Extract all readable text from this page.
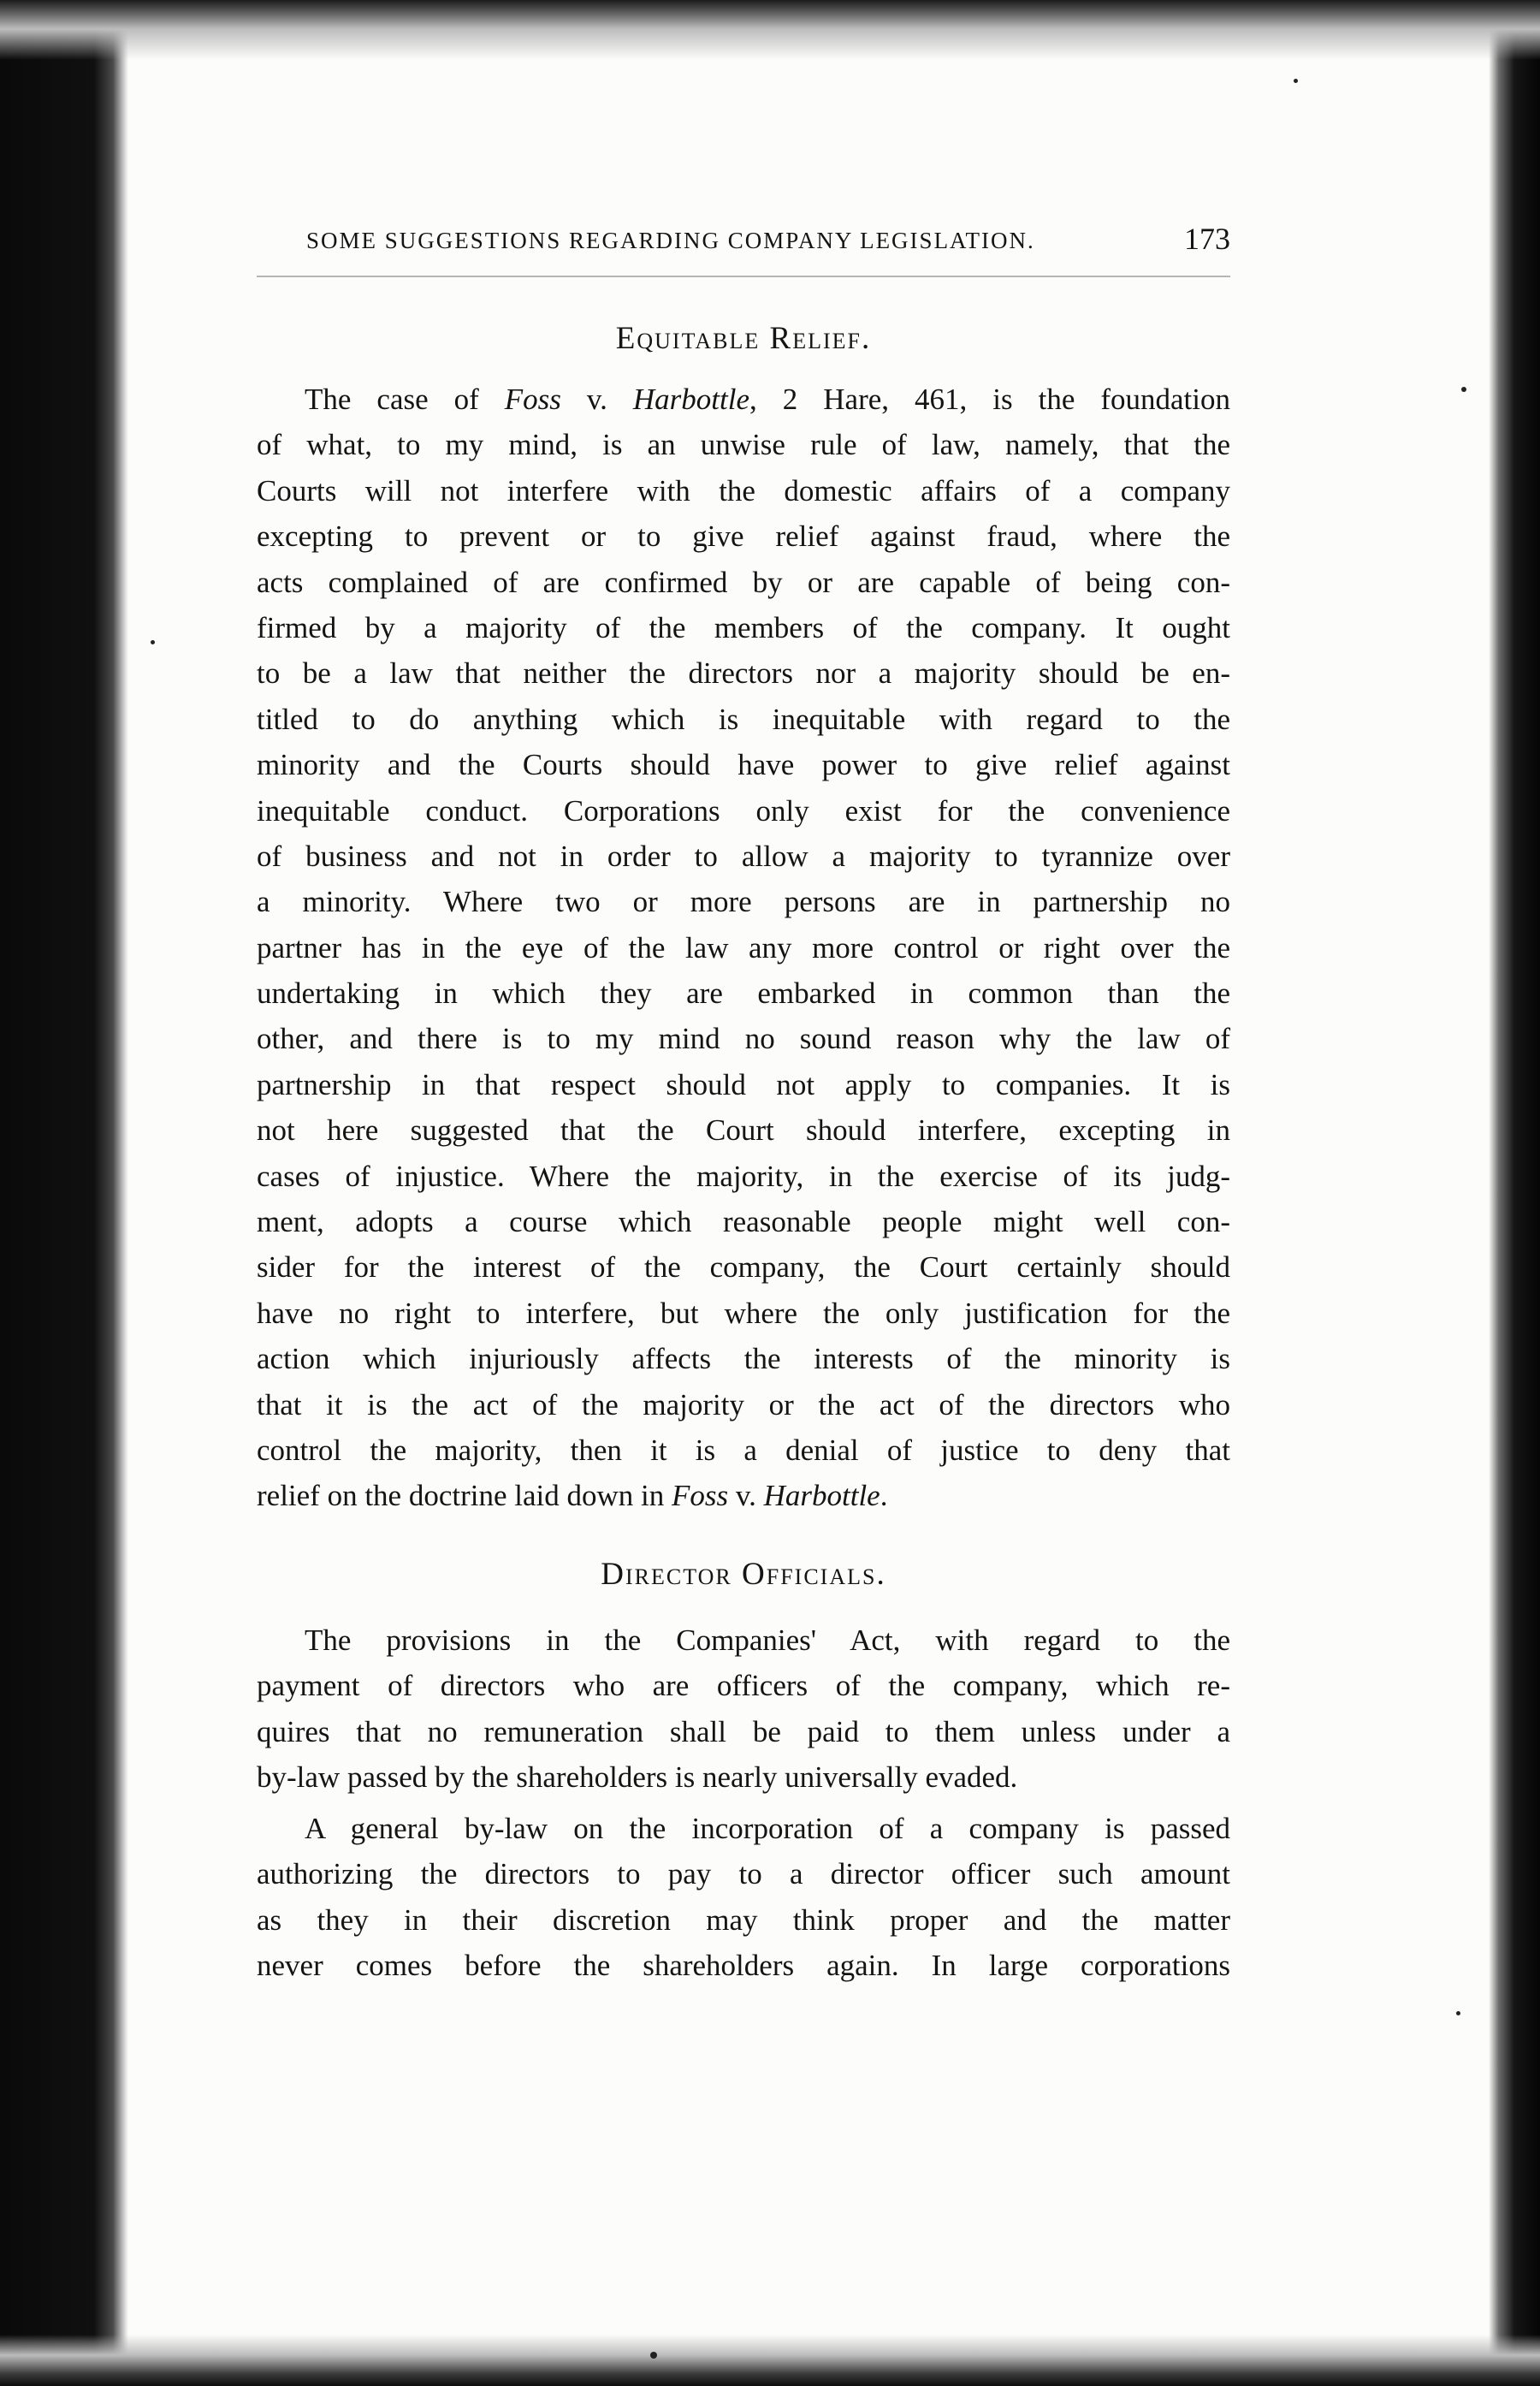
SOME SUGGESTIONS REGARDING COMPANY LEGISLATION.	173
Equitable Relief.
The case of Foss v. Harbottle, 2 Hare, 461, is the foundation
of what, to my mind, is an unwise rule of law, namely, that the
Courts will not interfere with the domestic affairs of a company
excepting to prevent or to give relief against fraud, where the
acts complained of are confirmed by or are capable of being con-
firmed by a majority of the members of the company. It ought
to be a law that neither the directors nor a majority should be en-
titled to do anything which is inequitable with regard to the
minority and the Courts should have power to give relief against
inequitable conduct. Corporations only exist for the convenience
of business and not in order to allow a majority to tyrannize over
a minority. Where two or more persons are in partnership no
partner has in the eye of the law any more control or right over the
undertaking in which they are embarked in common than the
other, and there is to my mind no sound reason why the law of
partnership in that respect should not apply to companies. It is
not here suggested that the Court should interfere, excepting in
cases of injustice. Where the majority, in the exercise of its judg-
ment, adopts a course which reasonable people might well con-
sider for the interest of the company, the Court certainly should
have no right to interfere, but where the only justification for the
action which injuriously affects the interests of the minority is
that it is the act of the majority or the act of the directors who
control the majority, then it is a denial of justice to deny that
relief on the doctrine laid down in Foss v. Harbottle.
Director Officials.
The provisions in the Companies' Act, with regard to the
payment of directors who are officers of the company, which re-
quires that no remuneration shall be paid to them unless under a
by-law passed by the shareholders is nearly universally evaded.
A general by-law on the incorporation of a company is passed
authorizing the directors to pay to a director officer such amount
as they in their discretion may think proper and the matter
never comes before the shareholders again. In large corporations
